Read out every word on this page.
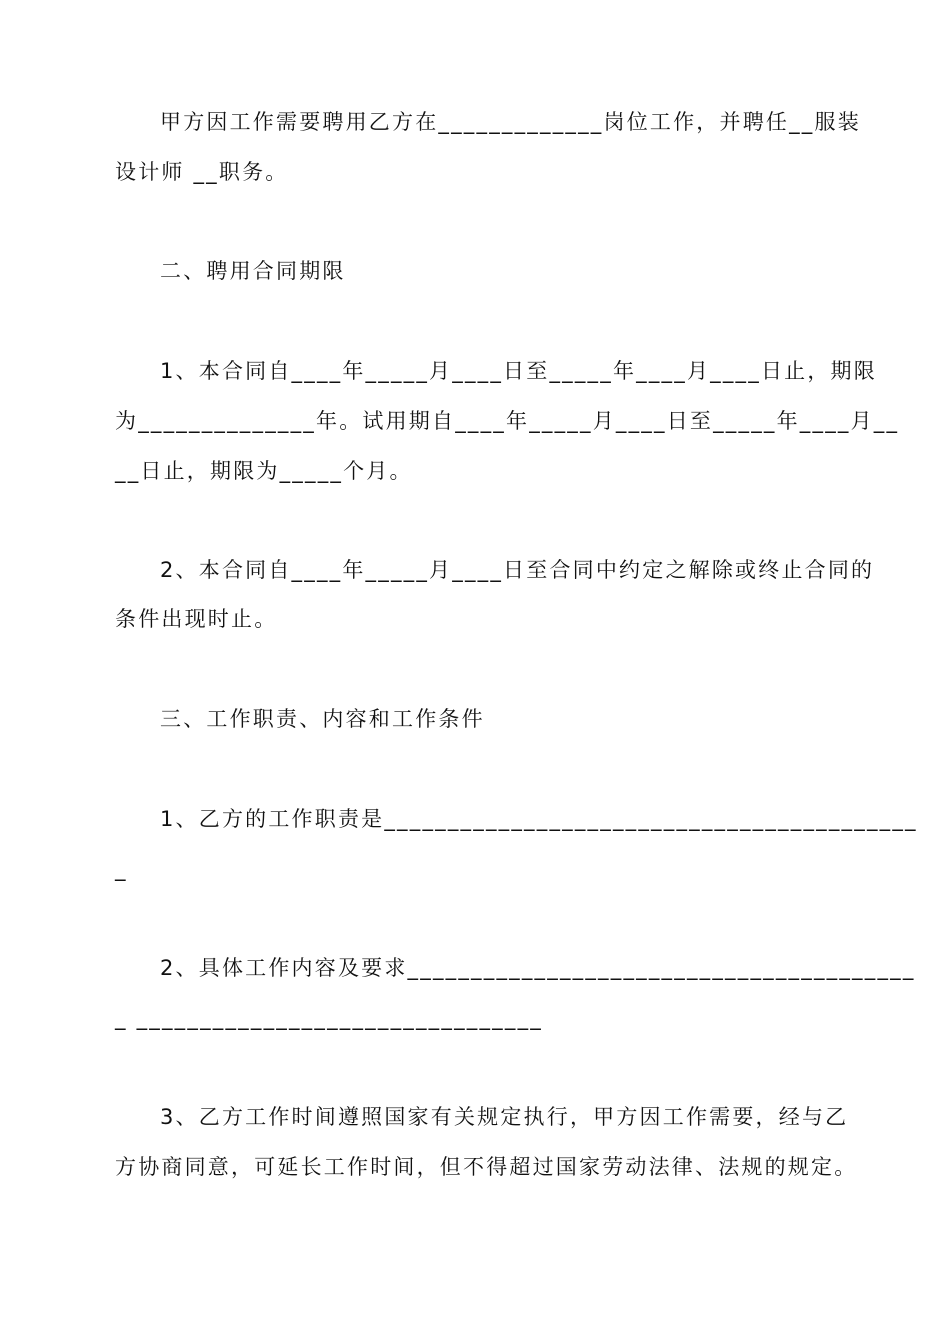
甲方因工作需要聘用乙方在_____________岗位工作，并聘任__服装
设计师 __职务。
二、聘用合同期限
1、本合同自____年_____月____日至_____年____月____日止，期限
为______________年。试用期自____年_____月____日至_____年____月__
__日止，期限为_____个月。
2、本合同自____年_____月____日至合同中约定之解除或终止合同的
条件出现时止。
三、工作职责、内容和工作条件
1、乙方的工作职责是__________________________________________
_
2、具体工作内容及要求________________________________________
_ ________________________________
3、乙方工作时间遵照国家有关规定执行，甲方因工作需要，经与乙
方协商同意，可延长工作时间，但不得超过国家劳动法律、法规的规定。
